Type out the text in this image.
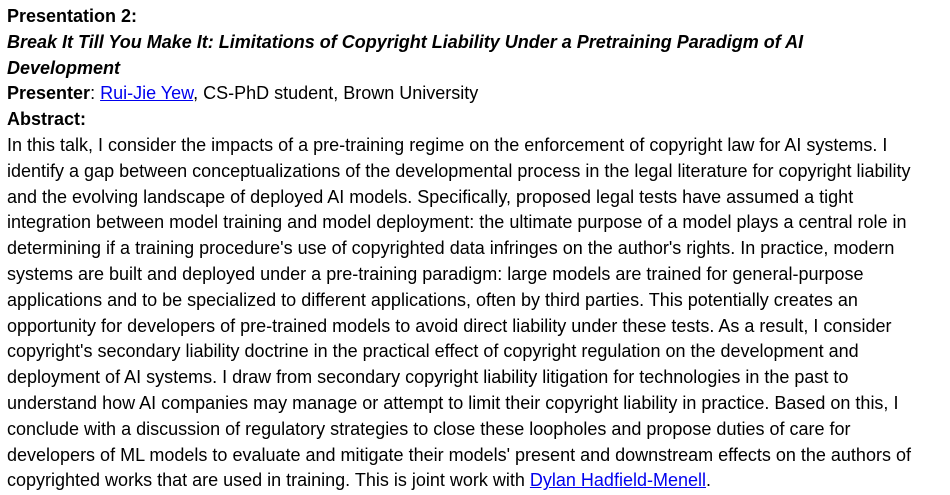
Presentation 2:
Break It Till You Make It: Limitations of Copyright Liability Under a Pretraining Paradigm of AI
Development
Presenter: Rui-Jie Yew, CS-PhD student, Brown University
Abstract:
In this talk, I consider the impacts of a pre-training regime on the enforcement of copyright law for AI systems. I
identify a gap between conceptualizations of the developmental process in the legal literature for copyright liability
and the evolving landscape of deployed AI models. Specifically, proposed legal tests have assumed a tight
integration between model training and model deployment: the ultimate purpose of a model plays a central role in
determining if a training procedure's use of copyrighted data infringes on the author's rights. In practice, modern
systems are built and deployed under a pre-training paradigm: large models are trained for general-purpose
applications and to be specialized to different applications, often by third parties. This potentially creates an
opportunity for developers of pre-trained models to avoid direct liability under these tests. As a result, I consider
copyright's secondary liability doctrine in the practical effect of copyright regulation on the development and
deployment of AI systems. I draw from secondary copyright liability litigation for technologies in the past to
understand how AI companies may manage or attempt to limit their copyright liability in practice. Based on this, I
conclude with a discussion of regulatory strategies to close these loopholes and propose duties of care for
developers of ML models to evaluate and mitigate their models' present and downstream effects on the authors of
copyrighted works that are used in training. This is joint work with Dylan Hadfield-Menell.
